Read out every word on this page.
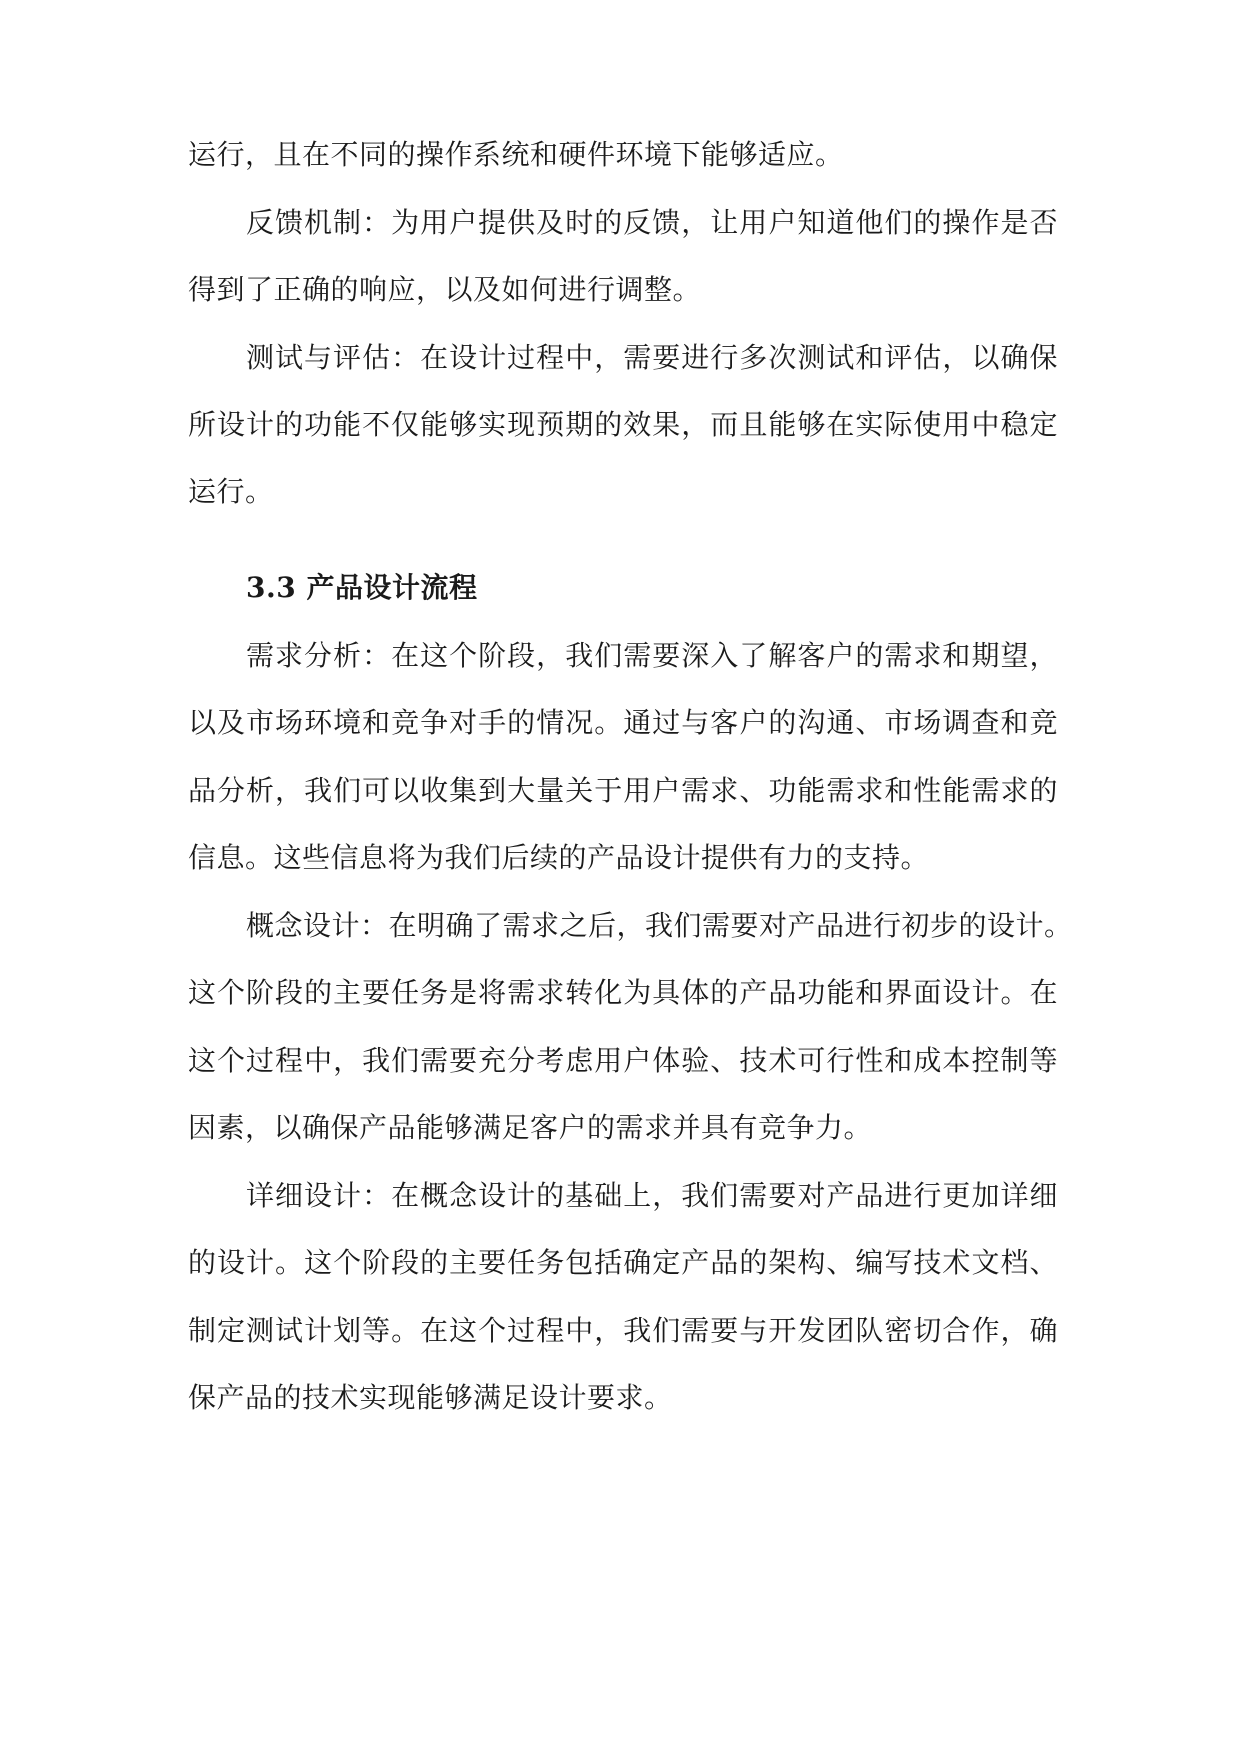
运行，且在不同的操作系统和硬件环境下能够适应。
反馈机制：为用户提供及时的反馈，让用户知道他们的操作是否
得到了正确的响应，以及如何进行调整。
测试与评估：在设计过程中，需要进行多次测试和评估，以确保
所设计的功能不仅能够实现预期的效果，而且能够在实际使用中稳定
运行。
3.3 产品设计流程
需求分析：在这个阶段，我们需要深入了解客户的需求和期望，
以及市场环境和竞争对手的情况。通过与客户的沟通、市场调查和竞
品分析，我们可以收集到大量关于用户需求、功能需求和性能需求的
信息。这些信息将为我们后续的产品设计提供有力的支持。
概念设计：在明确了需求之后，我们需要对产品进行初步的设计。
这个阶段的主要任务是将需求转化为具体的产品功能和界面设计。在
这个过程中，我们需要充分考虑用户体验、技术可行性和成本控制等
因素，以确保产品能够满足客户的需求并具有竞争力。
详细设计：在概念设计的基础上，我们需要对产品进行更加详细
的设计。这个阶段的主要任务包括确定产品的架构、编写技术文档、
制定测试计划等。在这个过程中，我们需要与开发团队密切合作，确
保产品的技术实现能够满足设计要求。
